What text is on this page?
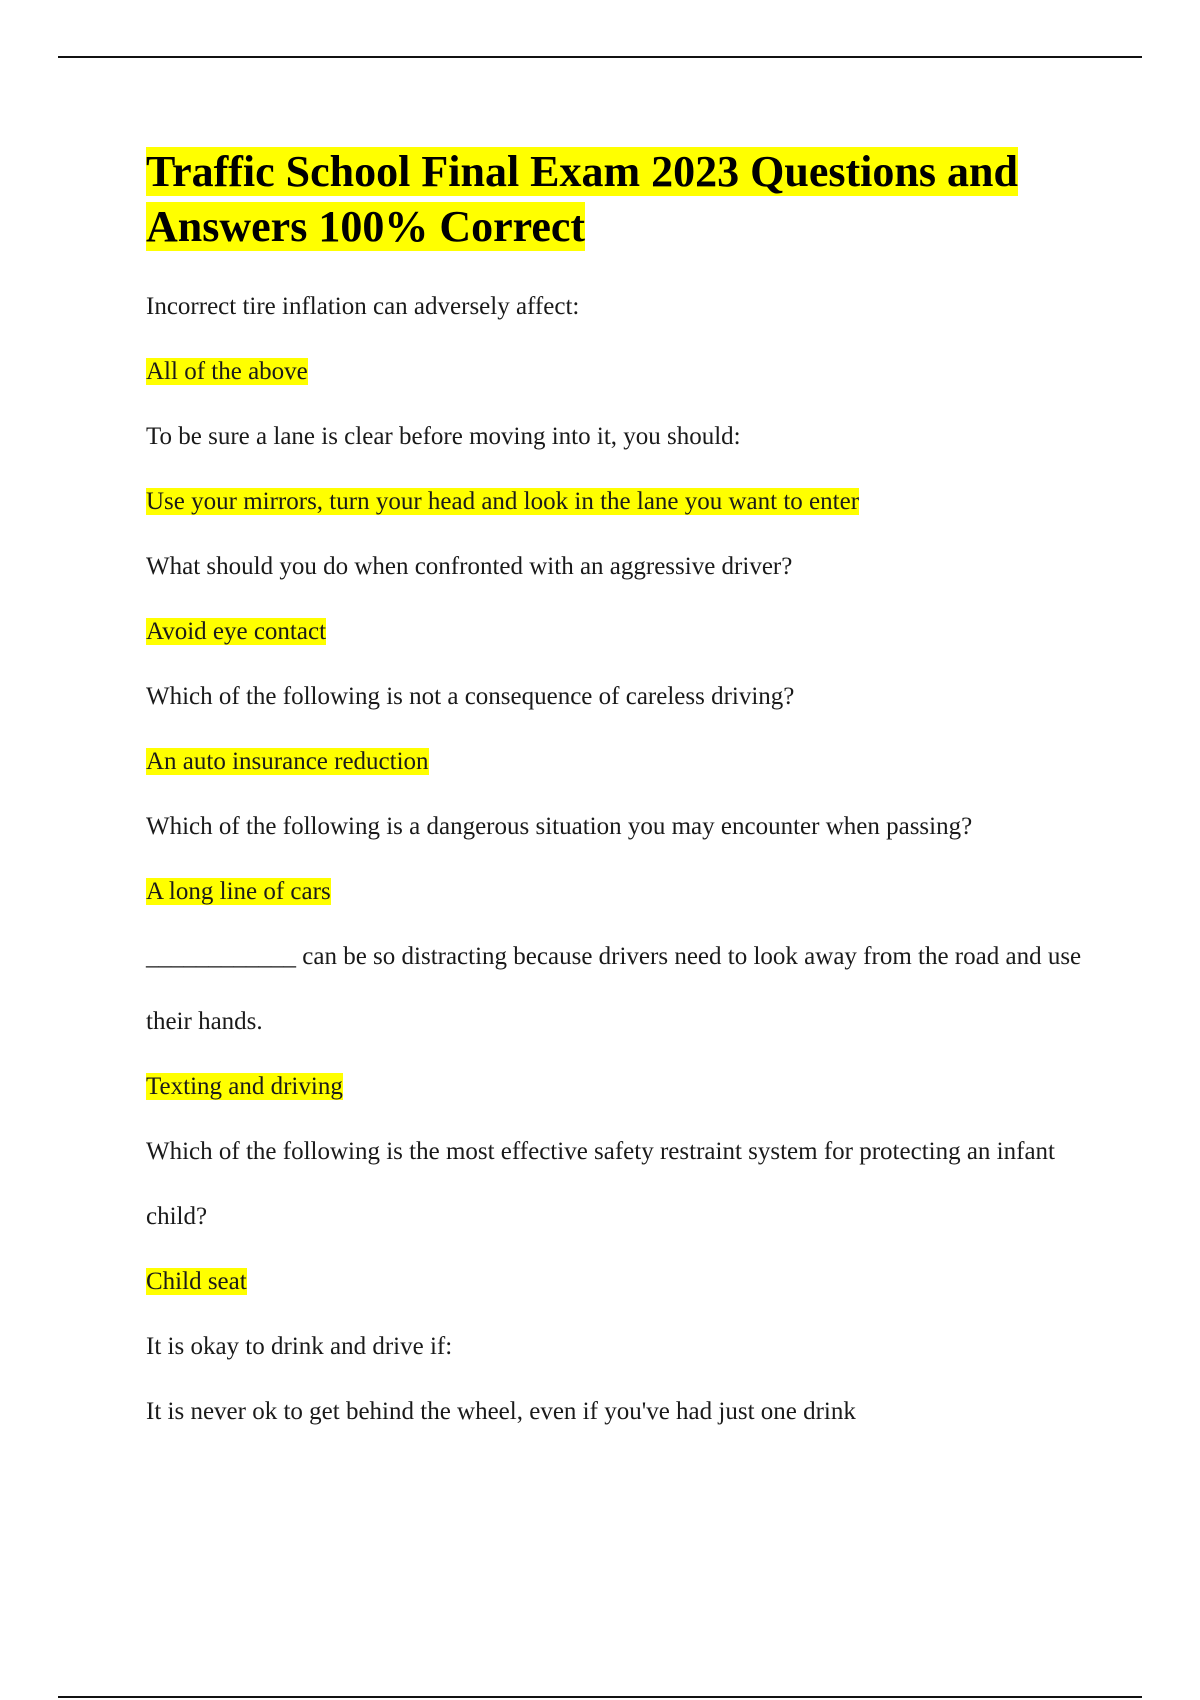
Traffic School Final Exam 2023 Questions and Answers 100% Correct

Incorrect tire inflation can adversely affect:

All of the above

To be sure a lane is clear before moving into it, you should:

Use your mirrors, turn your head and look in the lane you want to enter

What should you do when confronted with an aggressive driver?

Avoid eye contact

Which of the following is not a consequence of careless driving?

An auto insurance reduction

Which of the following is a dangerous situation you may encounter when passing?

A long line of cars

____________ can be so distracting because drivers need to look away from the road and use their hands.

Texting and driving

Which of the following is the most effective safety restraint system for protecting an infant child?

Child seat

It is okay to drink and drive if:

It is never ok to get behind the wheel, even if you've had just one drink
